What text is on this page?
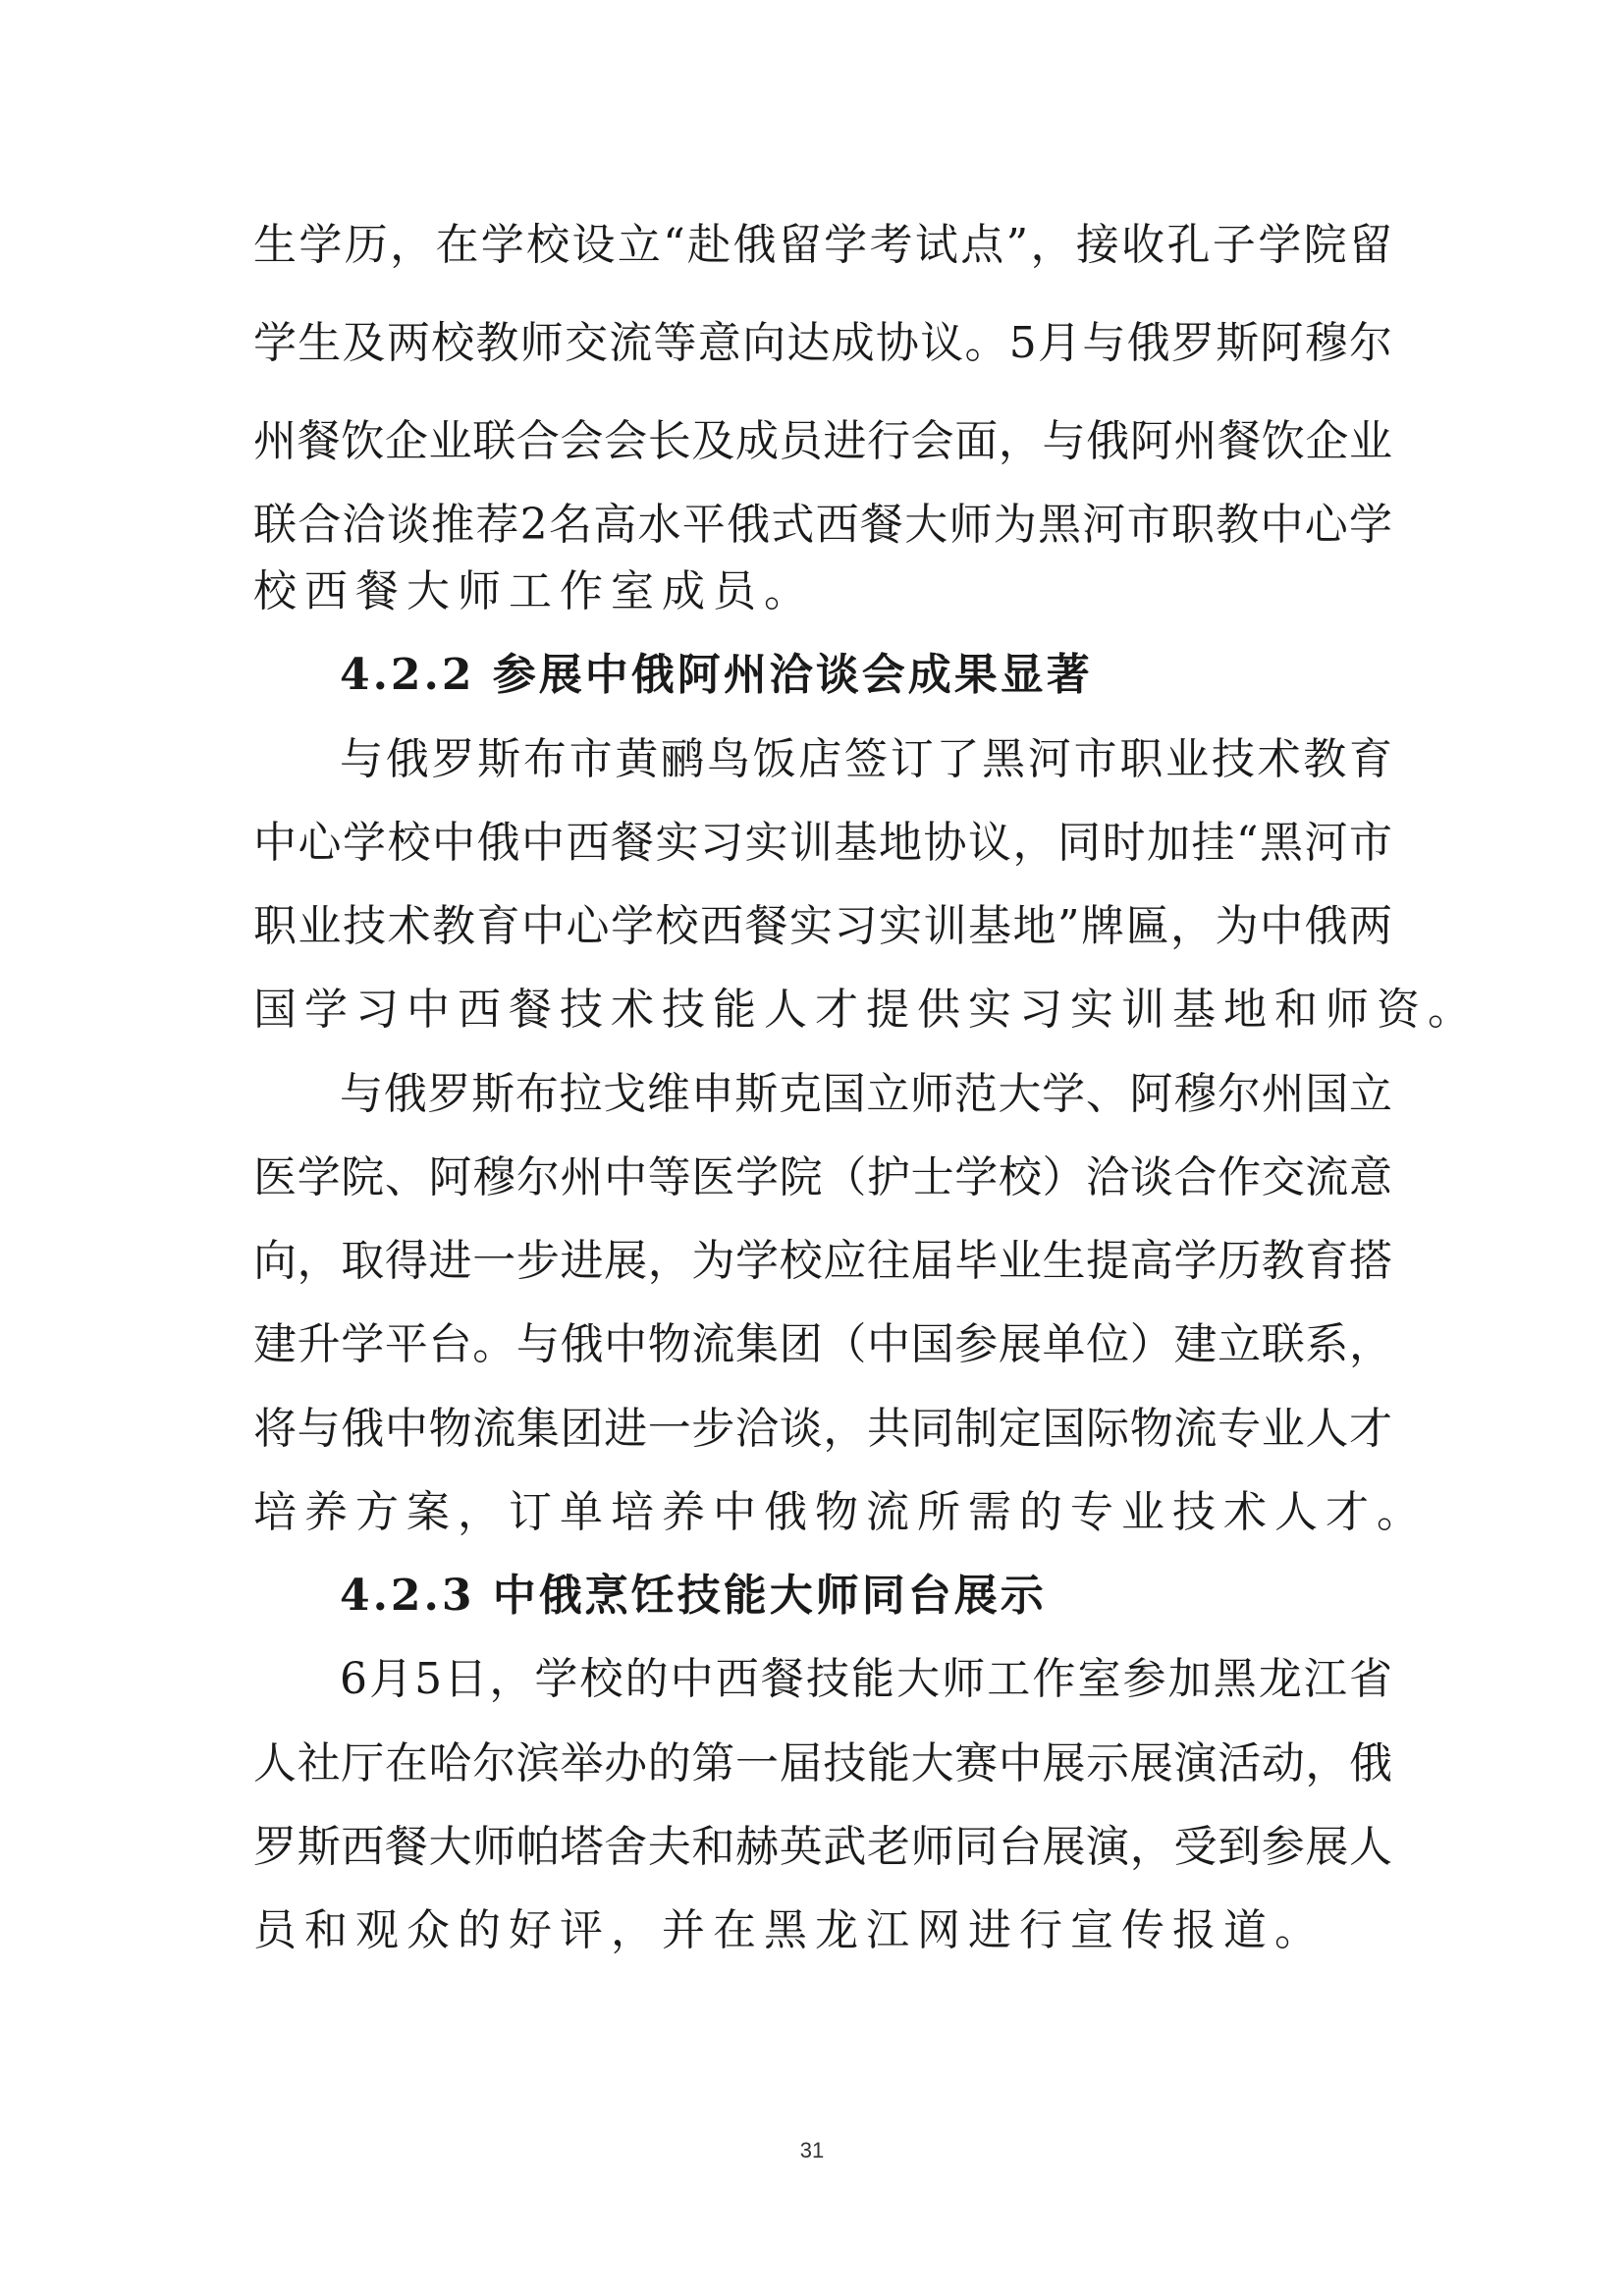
生学历，在学校设立“赴俄留学考试点”，接收孔子学院留
学生及两校教师交流等意向达成协议。5月与俄罗斯阿穆尔
州餐饮企业联合会会长及成员进行会面，与俄阿州餐饮企业
联合洽谈推荐2名高水平俄式西餐大师为黑河市职教中心学
校西餐大师工作室成员。
4.2.2 参展中俄阿州洽谈会成果显著
与俄罗斯布市黄鹂鸟饭店签订了黑河市职业技术教育
中心学校中俄中西餐实习实训基地协议，同时加挂“黑河市
职业技术教育中心学校西餐实习实训基地”牌匾，为中俄两
国学习中西餐技术技能人才提供实习实训基地和师资。
与俄罗斯布拉戈维申斯克国立师范大学、阿穆尔州国立
医学院、阿穆尔州中等医学院（护士学校）洽谈合作交流意
向，取得进一步进展，为学校应往届毕业生提高学历教育搭
建升学平台。与俄中物流集团（中国参展单位）建立联系，
将与俄中物流集团进一步洽谈，共同制定国际物流专业人才
培养方案，订单培养中俄物流所需的专业技术人才。
4.2.3 中俄烹饪技能大师同台展示
6月5日，学校的中西餐技能大师工作室参加黑龙江省
人社厅在哈尔滨举办的第一届技能大赛中展示展演活动，俄
罗斯西餐大师帕塔舍夫和赫英武老师同台展演，受到参展人
员和观众的好评，并在黑龙江网进行宣传报道。
31
